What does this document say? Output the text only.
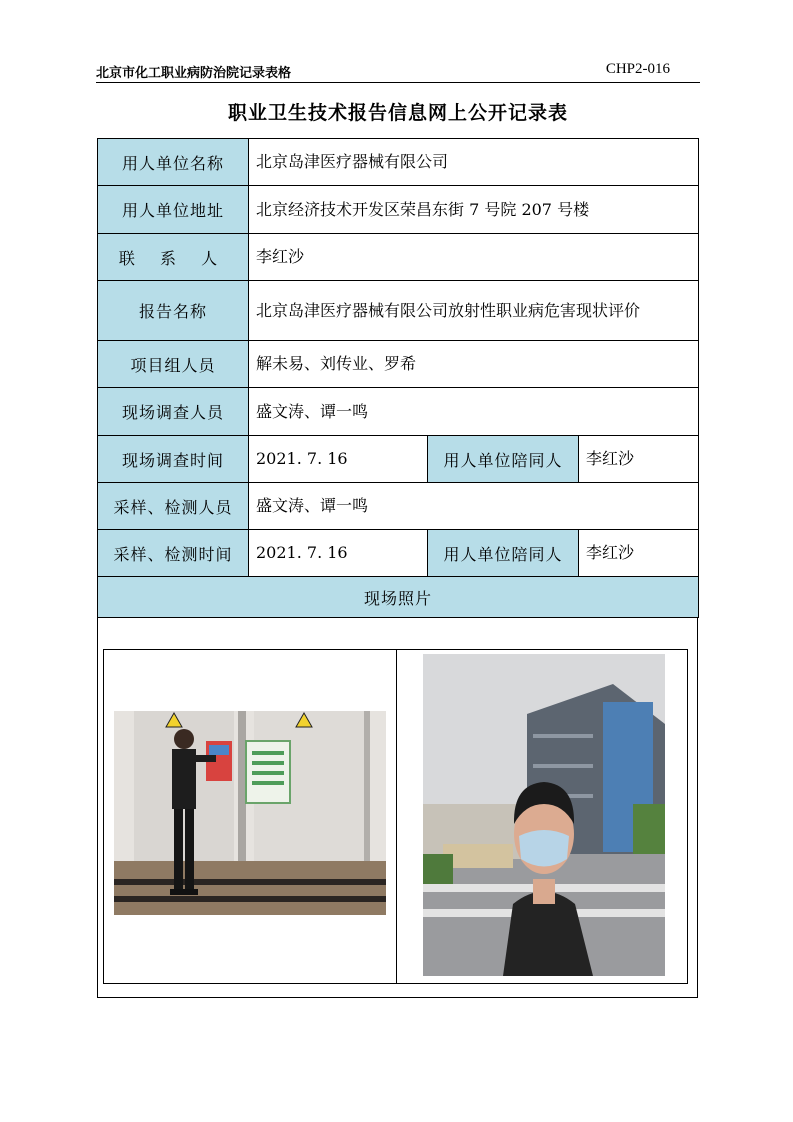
北京市化工职业病防治院记录表格	CHP2-016
职业卫生技术报告信息网上公开记录表
用人单位名称	北京岛津医疗器械有限公司		
用人单位地址	北京经济技术开发区荣昌东街 7 号院 207 号楼		
联 系 人	李红沙		
报告名称	北京岛津医疗器械有限公司放射性职业病危害现状评价		
项目组人员	解未易、刘传业、罗希		
现场调查人员	盛文涛、谭一鸣		
现场调查时间	2021. 7. 16	用人单位陪同人	李红沙
采样、检测人员	盛文涛、谭一鸣		
采样、检测时间	2021. 7. 16	用人单位陪同人	李红沙
现场照片			
